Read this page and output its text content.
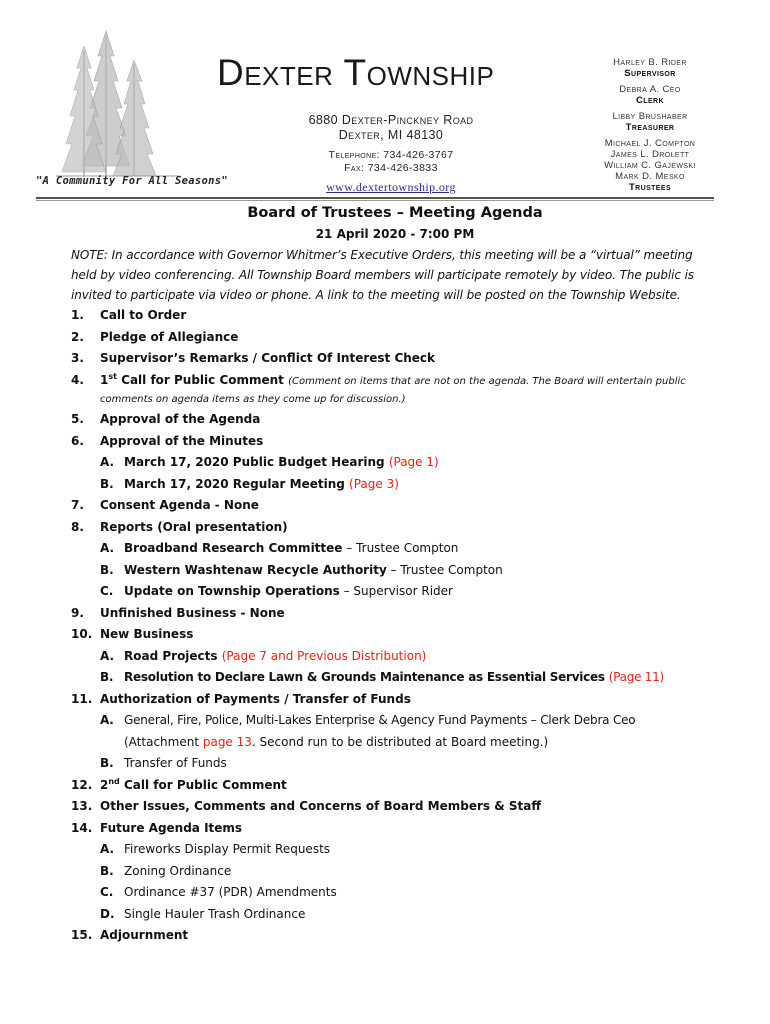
"A Community For All Seasons"
Dexter Township
6880 Dexter-Pinckney Road
Dexter, MI 48130
Telephone: 734-426-3767
Fax: 734-426-3833
www.dextertownship.org
Harley B. Rider
Supervisor
Debra A. Ceo
Clerk
Libby Brushaber
Treasurer
Michael J. Compton
James L. Drolett
William C. Gajewski
Mark D. Mesko
Trustees
Board of Trustees – Meeting Agenda
21 April 2020 - 7:00 PM
NOTE: In accordance with Governor Whitmer’s Executive Orders, this meeting will be a “virtual” meeting held by video conferencing. All Township Board members will participate remotely by video. The public is invited to participate via video or phone. A link to the meeting will be posted on the Township Website.
1.	Call to Order
2.	Pledge of Allegiance
3.	Supervisor’s Remarks / Conflict Of Interest Check
4.	1st Call for Public Comment (Comment on items that are not on the agenda. The Board will entertain public
comments on agenda items as they come up for discussion.)
5.	Approval of the Agenda
6.	Approval of the Minutes
A. March 17, 2020 Public Budget Hearing (Page 1)
B. March 17, 2020 Regular Meeting (Page 3)
7.	Consent Agenda - None
8.	Reports (Oral presentation)
A. Broadband Research Committee – Trustee Compton
B. Western Washtenaw Recycle Authority – Trustee Compton
C. Update on Township Operations – Supervisor Rider
9.	Unfinished Business - None
10. New Business
A. Road Projects (Page 7 and Previous Distribution)
B. Resolution to Declare Lawn & Grounds Maintenance as Essential Services (Page 11)
11. Authorization of Payments / Transfer of Funds
A. General, Fire, Police, Multi-Lakes Enterprise & Agency Fund Payments – Clerk Debra Ceo
(Attachment page 13. Second run to be distributed at Board meeting.)
B. Transfer of Funds
12. 2nd Call for Public Comment
13. Other Issues, Comments and Concerns of Board Members & Staff
14. Future Agenda Items
A. Fireworks Display Permit Requests
B. Zoning Ordinance
C. Ordinance #37 (PDR) Amendments
D. Single Hauler Trash Ordinance
15. Adjournment
